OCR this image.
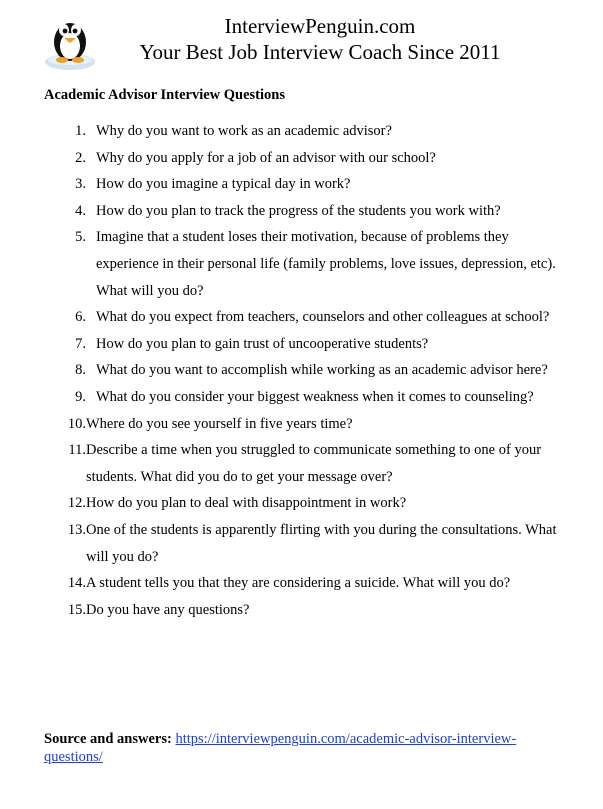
InterviewPenguin.com
Your Best Job Interview Coach Since 2011
Academic Advisor Interview Questions
1. Why do you want to work as an academic advisor?
2. Why do you apply for a job of an advisor with our school?
3. How do you imagine a typical day in work?
4. How do you plan to track the progress of the students you work with?
5. Imagine that a student loses their motivation, because of problems they experience in their personal life (family problems, love issues, depression, etc). What will you do?
6. What do you expect from teachers, counselors and other colleagues at school?
7. How do you plan to gain trust of uncooperative students?
8. What do you want to accomplish while working as an academic advisor here?
9. What do you consider your biggest weakness when it comes to counseling?
10. Where do you see yourself in five years time?
11. Describe a time when you struggled to communicate something to one of your students. What did you do to get your message over?
12. How do you plan to deal with disappointment in work?
13. One of the students is apparently flirting with you during the consultations. What will you do?
14. A student tells you that they are considering a suicide. What will you do?
15. Do you have any questions?
Source and answers: https://interviewpenguin.com/academic-advisor-interview-questions/
